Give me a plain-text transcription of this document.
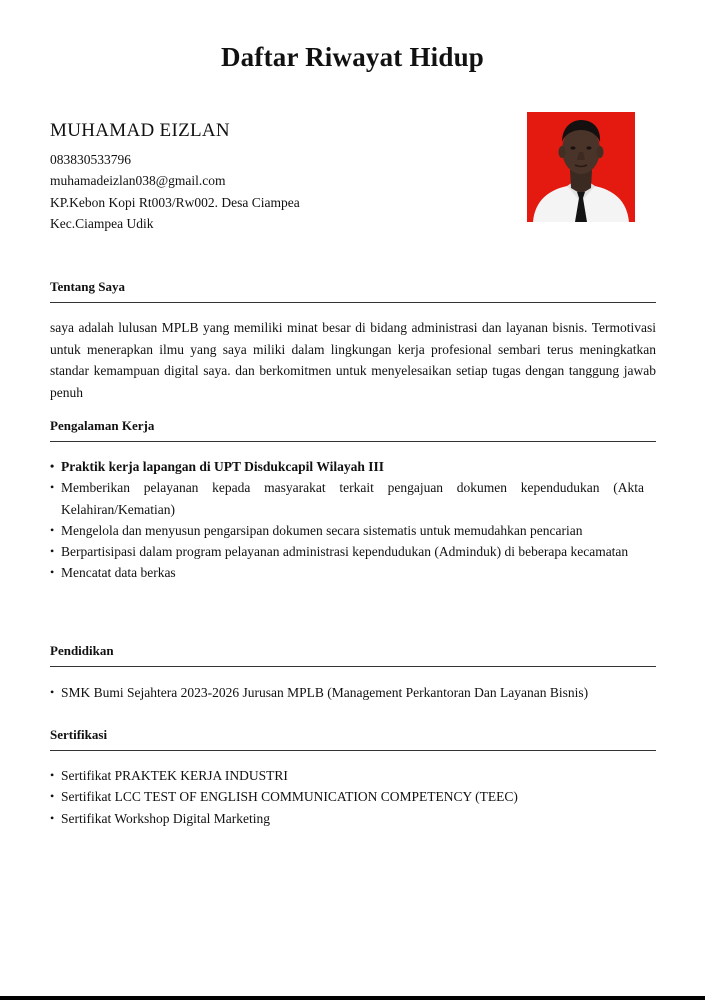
Daftar Riwayat Hidup
MUHAMAD EIZLAN
083830533796
muhamadeizlan038@gmail.com
KP.Kebon Kopi Rt003/Rw002. Desa Ciampea
Kec.Ciampea Udik
Tentang Saya

saya adalah lulusan MPLB yang memiliki minat besar di bidang administrasi dan layanan bisnis. Termotivasi untuk menerapkan ilmu yang saya miliki dalam lingkungan kerja profesional sembari terus meningkatkan standar kemampuan digital saya. dan berkomitmen untuk menyelesaikan setiap tugas dengan tanggung jawab penuh

Pengalaman Kerja
• Praktik kerja lapangan di UPT Disdukcapil Wilayah III
• Memberikan pelayanan kepada masyarakat terkait pengajuan dokumen kependudukan (Akta Kelahiran/Kematian)
• Mengelola dan menyusun pengarsipan dokumen secara sistematis untuk memudahkan pencarian
• Berpartisipasi dalam program pelayanan administrasi kependudukan (Adminduk) di beberapa kecamatan
• Mencatat data berkas
Pendidikan
• SMK Bumi Sejahtera 2023-2026 Jurusan MPLB (Management Perkantoran Dan Layanan Bisnis)
Sertifikasi
• Sertifikat PRAKTEK KERJA INDUSTRI
• Sertifikat LCC TEST OF ENGLISH COMMUNICATION COMPETENCY (TEEC)
• Sertifikat Workshop Digital Marketing
